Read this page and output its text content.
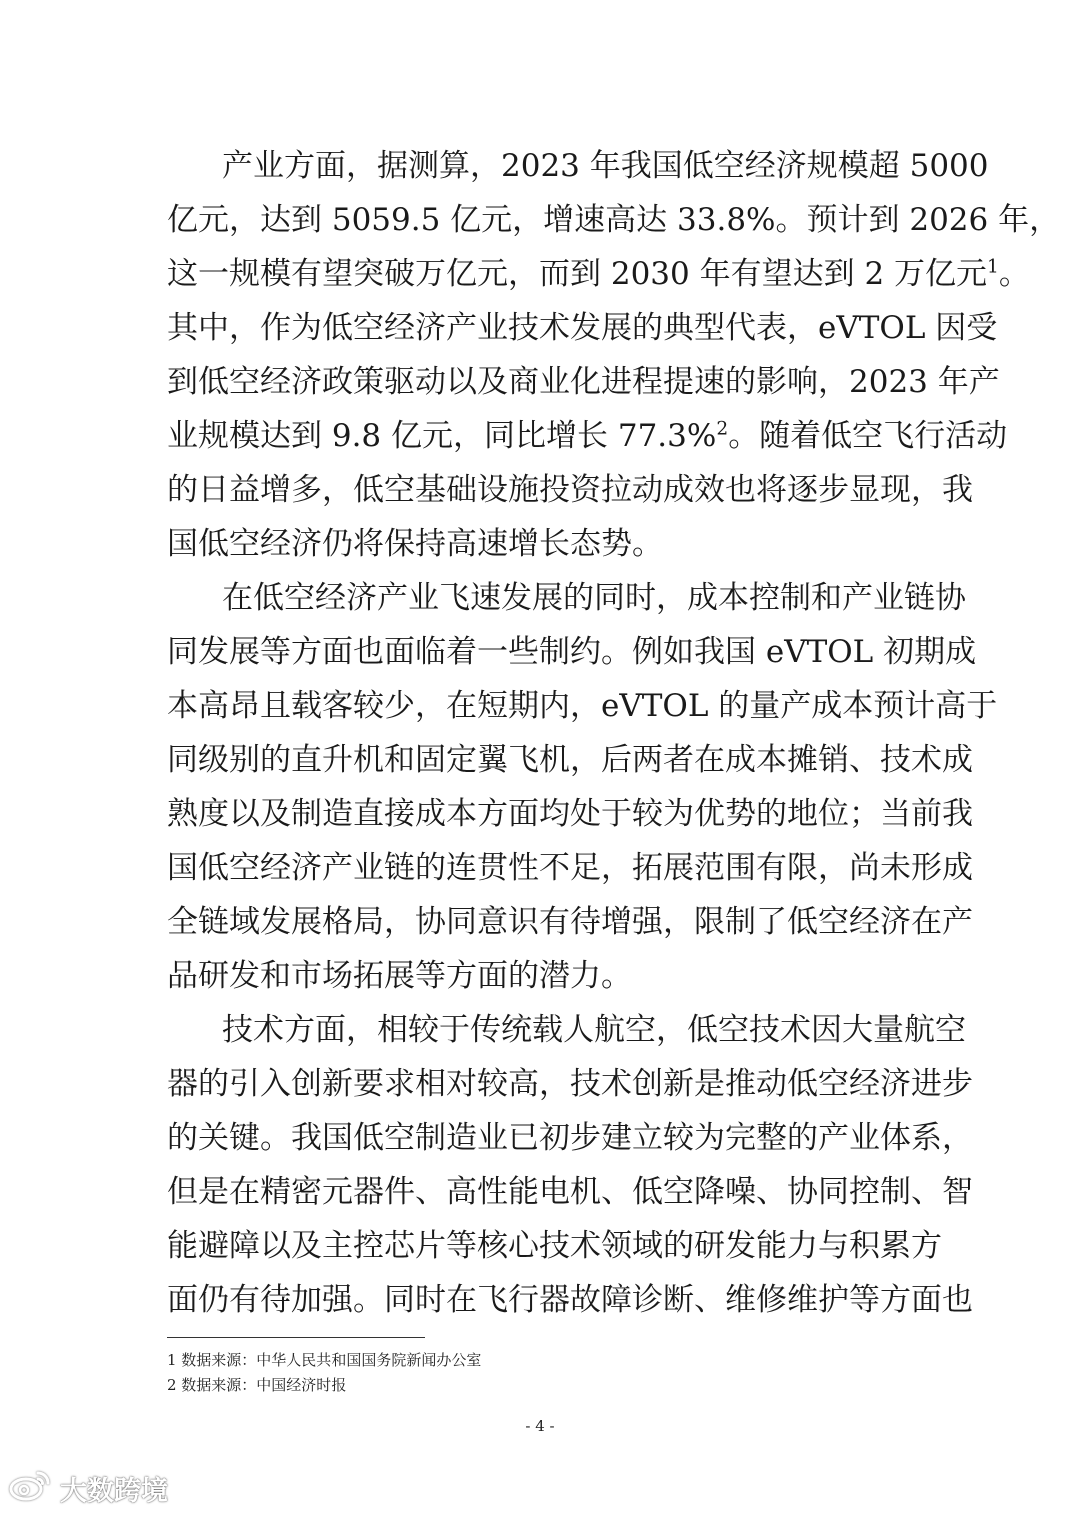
产业方面，据测算，2023 年我国低空经济规模超 5000
亿元，达到 5059.5 亿元，增速高达 33.8%。预计到 2026 年，
这一规模有望突破万亿元，而到 2030 年有望达到 2 万亿元$^1$。
其中，作为低空经济产业技术发展的典型代表，eVTOL 因受
到低空经济政策驱动以及商业化进程提速的影响，2023 年产
业规模达到 9.8 亿元，同比增长 77.3%$^2$。随着低空飞行活动
的日益增多，低空基础设施投资拉动成效也将逐步显现，我
国低空经济仍将保持高速增长态势。
在低空经济产业飞速发展的同时，成本控制和产业链协
同发展等方面也面临着一些制约。例如我国 eVTOL 初期成
本高昂且载客较少，在短期内，eVTOL 的量产成本预计高于
同级别的直升机和固定翼飞机，后两者在成本摊销、技术成
熟度以及制造直接成本方面均处于较为优势的地位；当前我
国低空经济产业链的连贯性不足，拓展范围有限，尚未形成
全链域发展格局，协同意识有待增强，限制了低空经济在产
品研发和市场拓展等方面的潜力。
技术方面，相较于传统载人航空，低空技术因大量航空
器的引入创新要求相对较高，技术创新是推动低空经济进步
的关键。我国低空制造业已初步建立较为完整的产业体系，
但是在精密元器件、高性能电机、低空降噪、协同控制、智
能避障以及主控芯片等核心技术领域的研发能力与积累方
面仍有待加强。同时在飞行器故障诊断、维修维护等方面也
1 数据来源：中华人民共和国国务院新闻办公室
2 数据来源：中国经济时报
- 4 -
大数跨境
